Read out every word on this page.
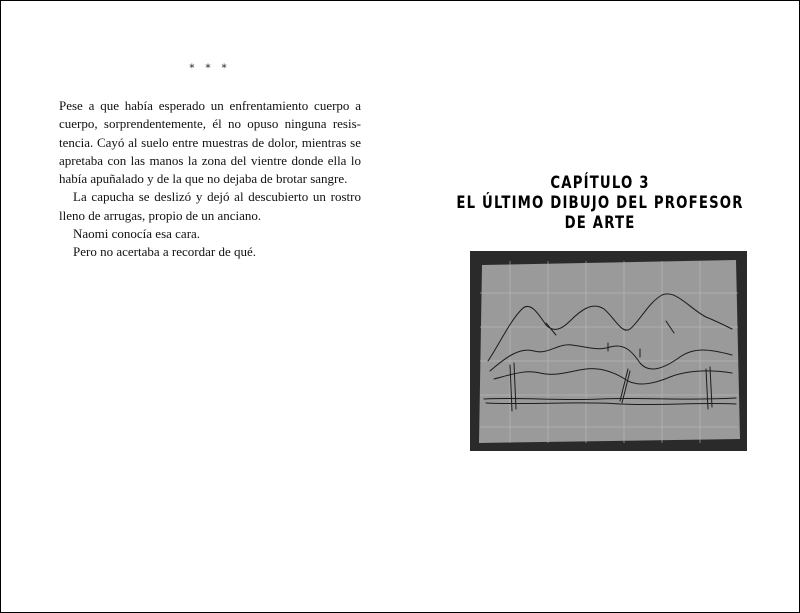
* * *

Pese a que había esperado un enfrentamiento cuerpo a cuerpo, sorprendentemente, él no opuso ninguna resistencia. Cayó al suelo entre muestras de dolor, mientras se apretaba con las manos la zona del vientre donde ella lo había apuñalado y de la que no dejaba de brotar sangre.

La capucha se deslizó y dejó al descubierto un rostro lleno de arrugas, propio de un anciano.

Naomi conocía esa cara.

Pero no acertaba a recordar de qué.

CAPÍTULO 3
EL ÚLTIMO DIBUJO DEL PROFESOR DE ARTE
